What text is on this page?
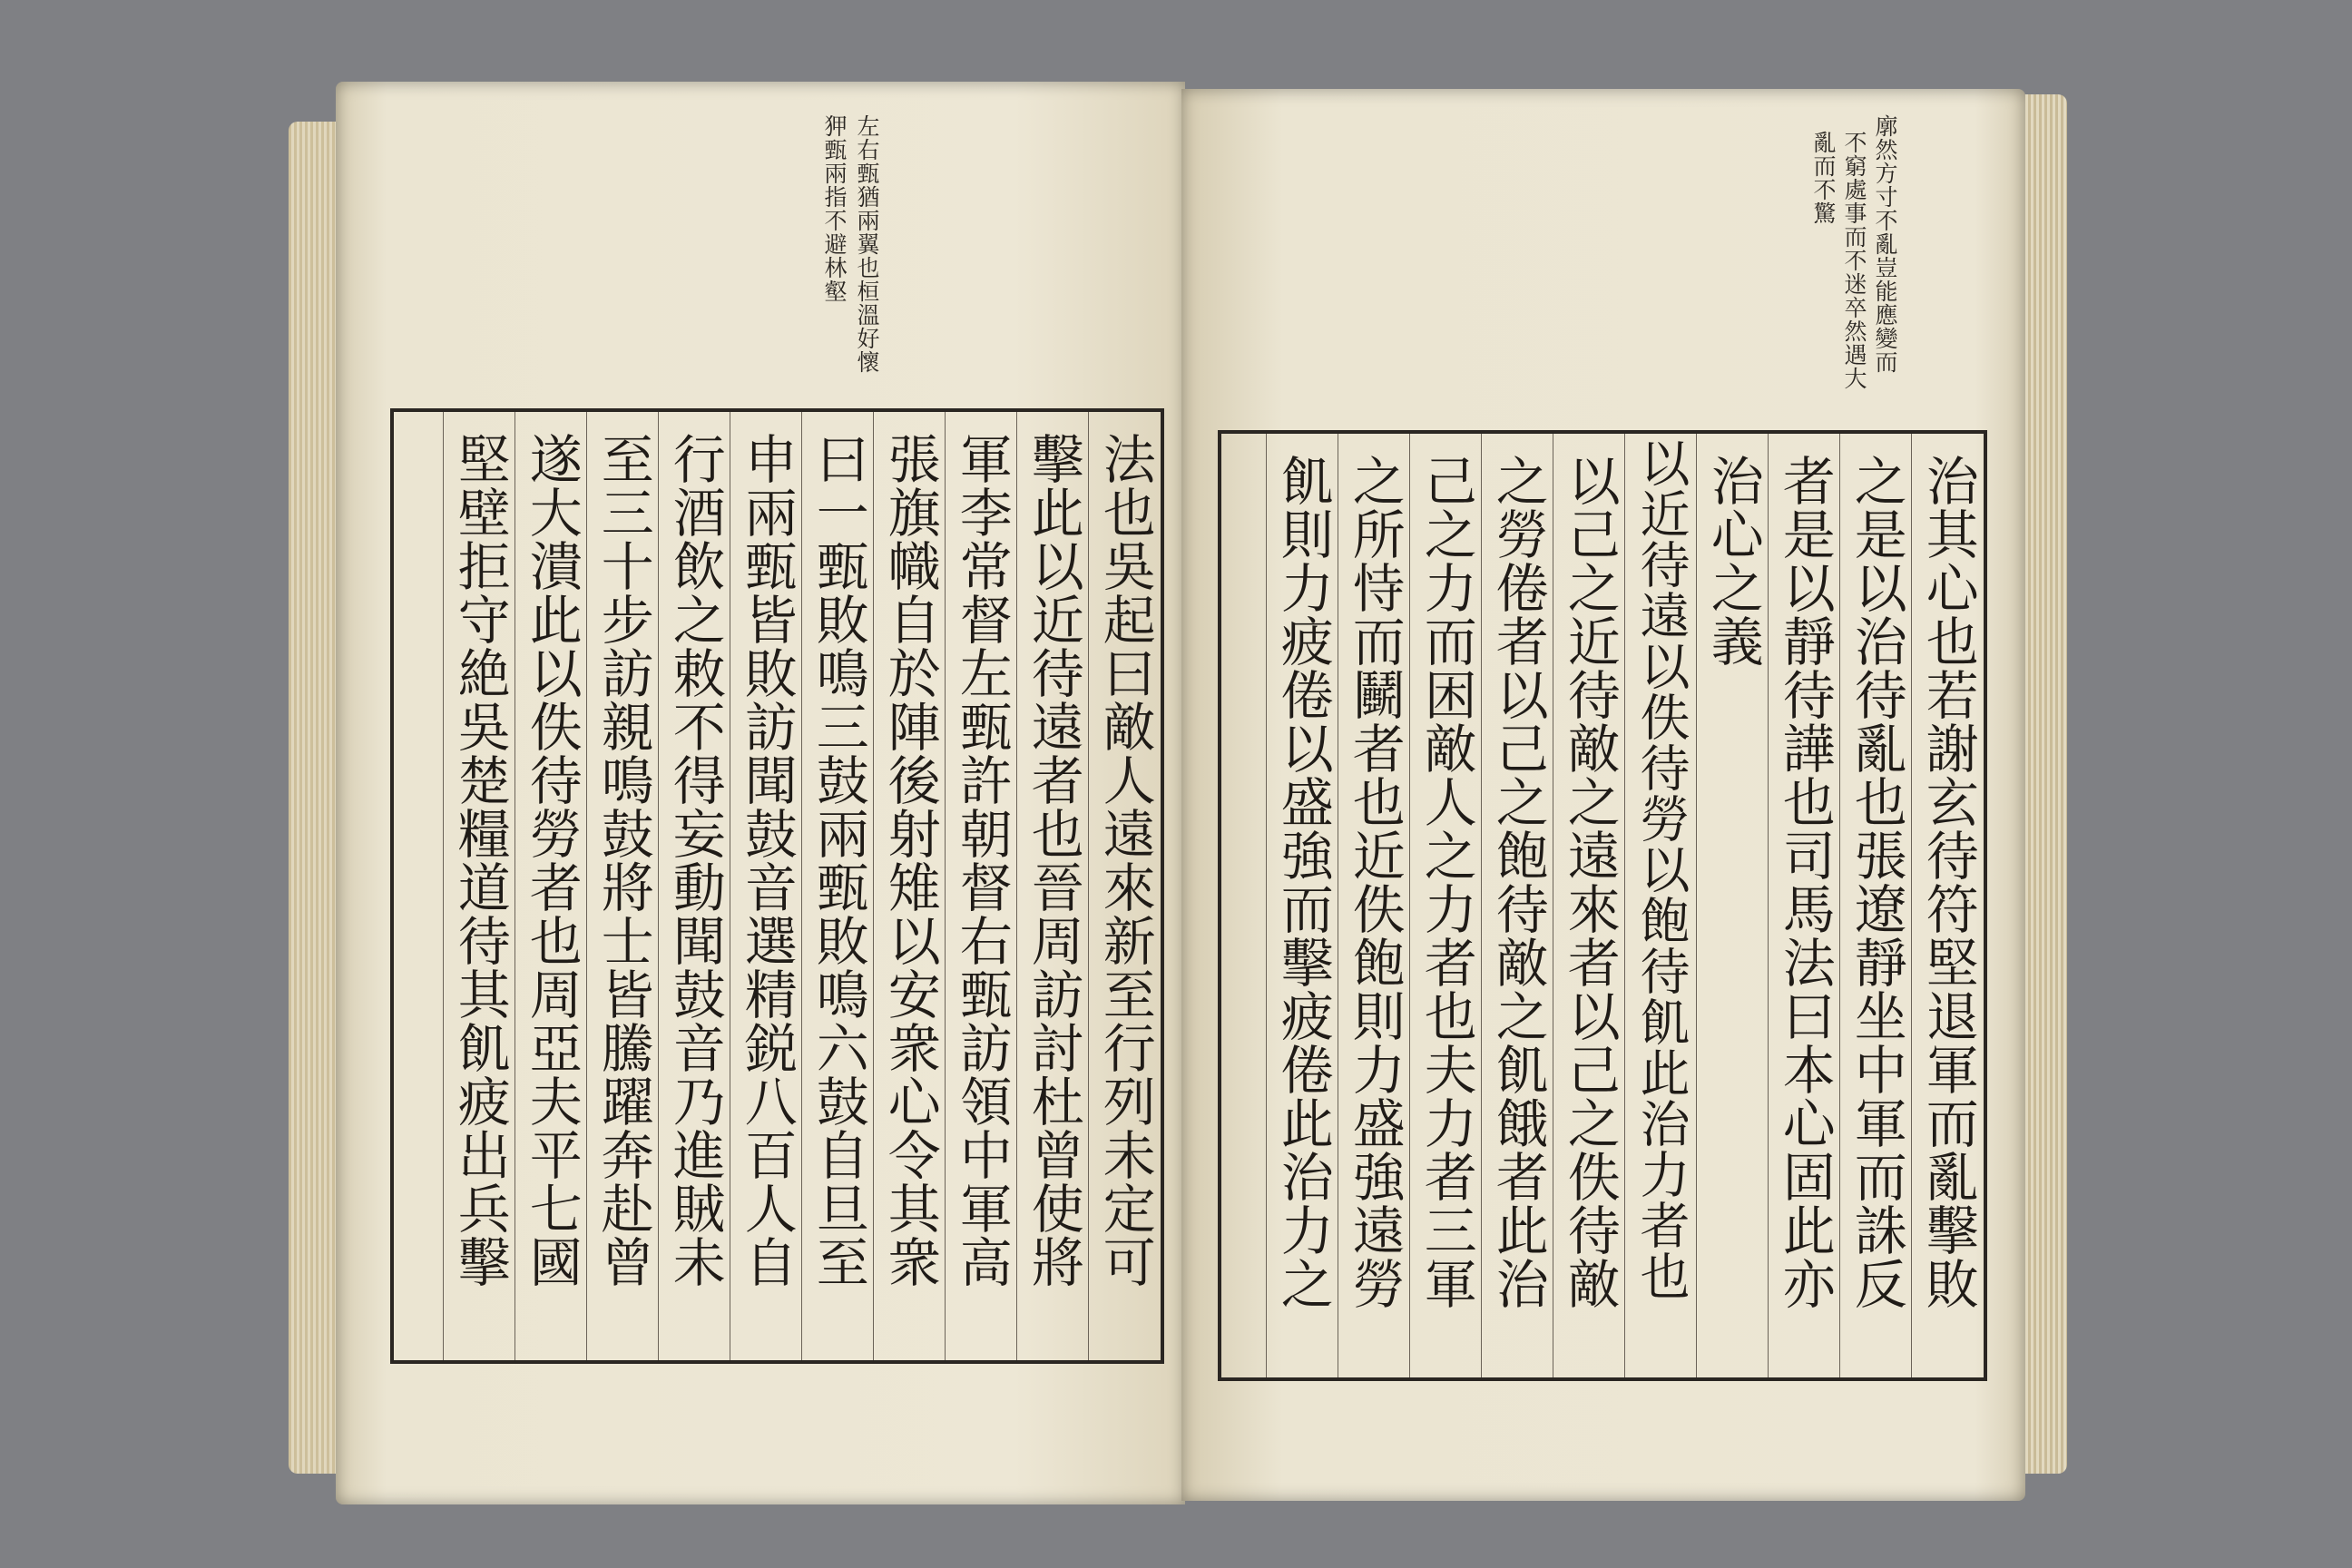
左右甄猶兩翼也桓溫好懷
狎甄兩指不避林壑
法也吳起曰敵人遠來新至行列未定可
擊此以近待遠者也晉周訪討杜曾使將
軍李常督左甄許朝督右甄訪領中軍高
張旗幟自於陣後射雉以安衆心令其衆
曰一甄敗鳴三鼓兩甄敗鳴六鼓自旦至
申兩甄皆敗訪聞鼓音選精鋭八百人自
行酒飲之敕不得妄動聞鼓音乃進賊未
至三十步訪親鳴鼓將士皆騰躍奔赴曾
遂大潰此以佚待勞者也周亞夫平七國
堅壁拒守絶吳楚糧道待其飢疲出兵擊
廓然方寸不亂豈能應變而
不窮處事而不迷卒然遇大
亂而不驚
治其心也若謝玄待符堅退軍而亂擊敗
之是以治待亂也張遼靜坐中軍而誅反
者是以靜待譁也司馬法曰本心固此亦
治心之義
以近待遠以佚待勞以飽待飢此治力者也
以己之近待敵之遠來者以己之佚待敵
之勞倦者以己之飽待敵之飢餓者此治
己之力而困敵人之力者也夫力者三軍
之所恃而鬭者也近佚飽則力盛強遠勞
飢則力疲倦以盛強而擊疲倦此治力之
